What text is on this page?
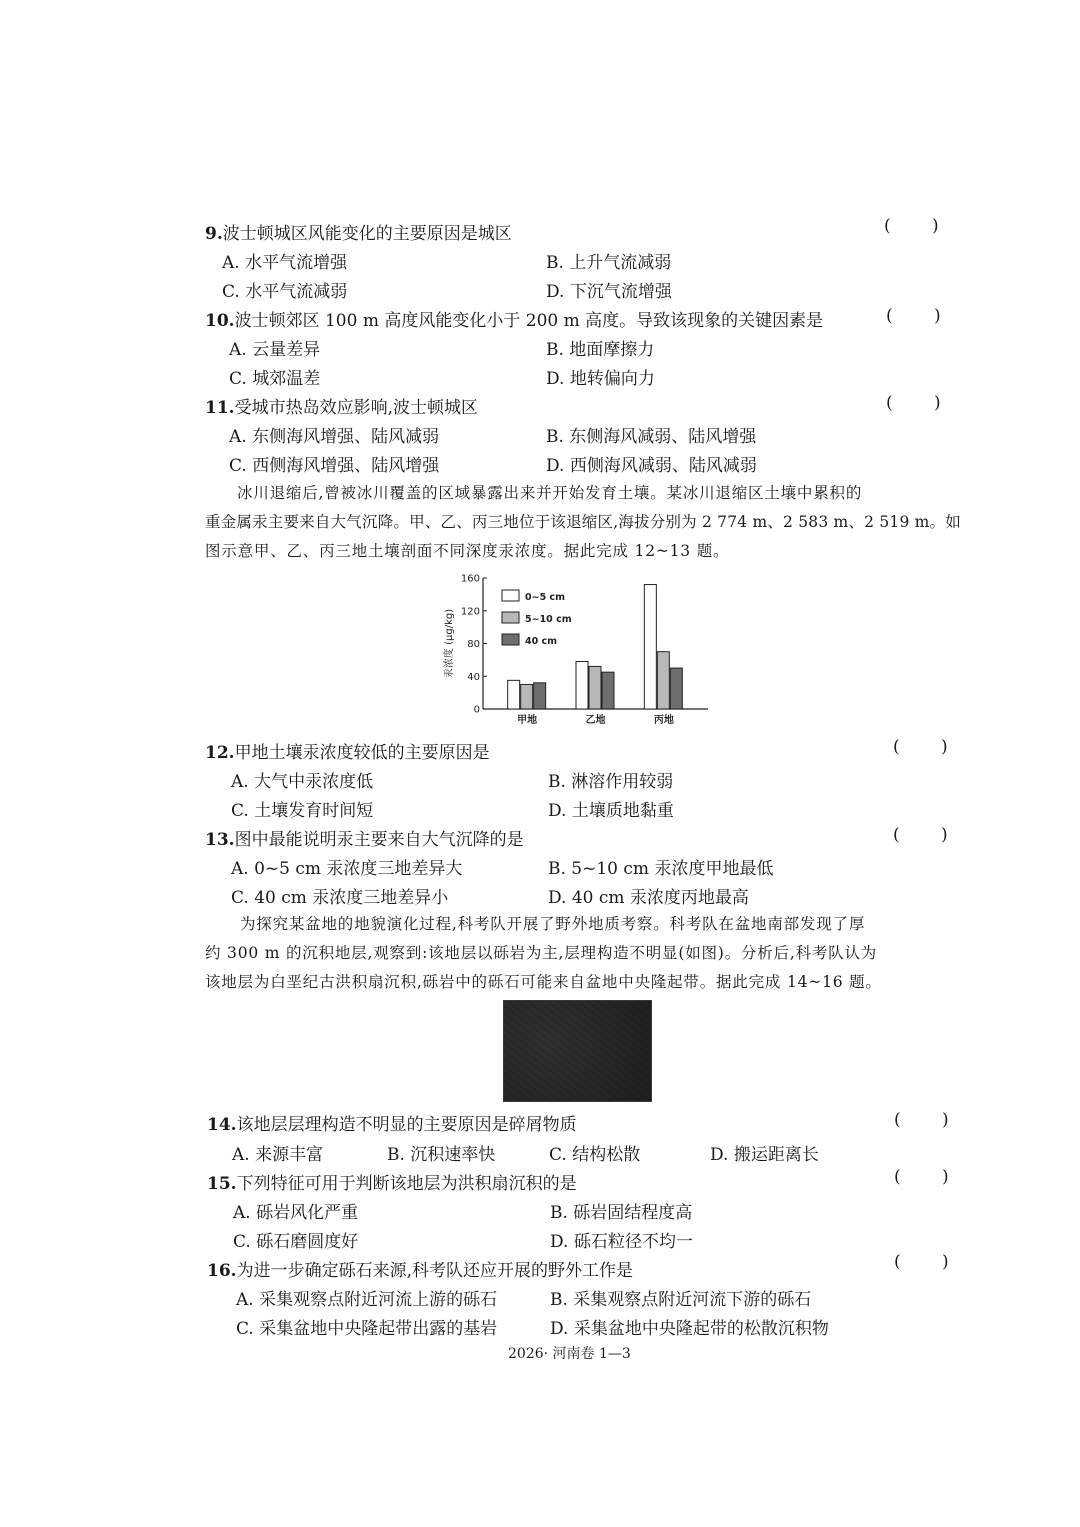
9.波士顿城区风能变化的主要原因是城区	( )
A. 水平气流增强	B. 上升气流减弱
C. 水平气流减弱	D. 下沉气流增强
10.波士顿郊区 100 m 高度风能变化小于 200 m 高度。导致该现象的关键因素是	( )
A. 云量差异	B. 地面摩擦力
C. 城郊温差	D. 地转偏向力
11.受城市热岛效应影响,波士顿城区	( )
A. 东侧海风增强、陆风减弱	B. 东侧海风减弱、陆风增强
C. 西侧海风增强、陆风增强	D. 西侧海风减弱、陆风减弱
冰川退缩后,曾被冰川覆盖的区域暴露出来并开始发育土壤。某冰川退缩区土壤中累积的
重金属汞主要来自大气沉降。甲、乙、丙三地位于该退缩区,海拔分别为 2 774 m、2 583 m、2 519 m。如
图示意甲、乙、丙三地土壤剖面不同深度汞浓度。据此完成 12~13 题。
0
40
80
120
160
汞浓度 (μg/kg)
甲地	乙地	丙地
0~5 cm
5~10 cm
40 cm
12.甲地土壤汞浓度较低的主要原因是	( )
A. 大气中汞浓度低	B. 淋溶作用较弱
C. 土壤发育时间短	D. 土壤质地黏重
13.图中最能说明汞主要来自大气沉降的是	( )
A. 0~5 cm 汞浓度三地差异大	B. 5~10 cm 汞浓度甲地最低
C. 40 cm 汞浓度三地差异小	D. 40 cm 汞浓度丙地最高
为探究某盆地的地貌演化过程,科考队开展了野外地质考察。科考队在盆地南部发现了厚
约 300 m 的沉积地层,观察到:该地层以砾岩为主,层理构造不明显(如图)。分析后,科考队认为
该地层为白垩纪古洪积扇沉积,砾岩中的砾石可能来自盆地中央隆起带。据此完成 14~16 题。
14.该地层层理构造不明显的主要原因是碎屑物质	( )
A. 来源丰富	B. 沉积速率快	C. 结构松散	D. 搬运距离长
15.下列特征可用于判断该地层为洪积扇沉积的是	( )
A. 砾岩风化严重	B. 砾岩固结程度高
C. 砾石磨圆度好	D. 砾石粒径不均一
16.为进一步确定砾石来源,科考队还应开展的野外工作是	( )
A. 采集观察点附近河流上游的砾石	B. 采集观察点附近河流下游的砾石
C. 采集盆地中央隆起带出露的基岩	D. 采集盆地中央隆起带的松散沉积物
2026· 河南卷 1—3
